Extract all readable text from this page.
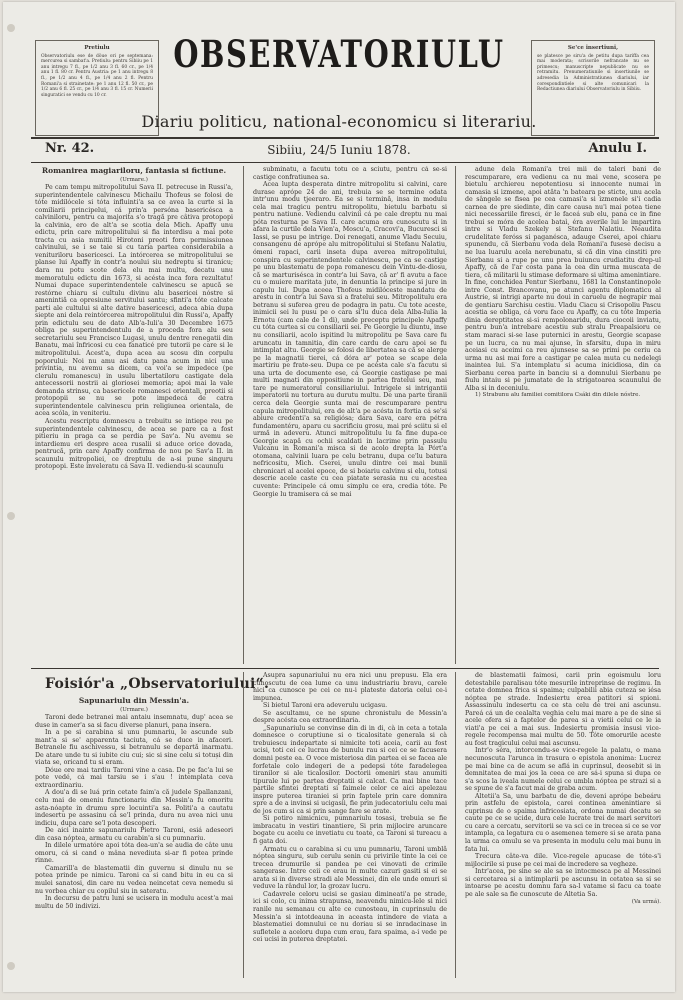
Pretiulu
Observatoriulu ese de döue ori pe septemana: mercurea si sambat'a. Pretiulu: pentru Sibiiu pe 1 anu intregu 7 fl., pe 1/2 anu 3 fl. 60 cr., pe 1/4 anu 1 fl. 80 cr. Pentru Austria: pe 1 anu intregu 8 fl., pe 1/2 anu 4 fl., pe 1/4 anu 2 fl. Pentru Romani'a si strainetate: pe 1 anu 12 fl. 50 cr., pe 1/2 anu 6 fl. 25 cr., pe 1/4 anu 3 fl. 15 cr. Numerii singuratici se vendu cu 10 cr.
Se'ce insertiuni,
se platesce pe siru'a de petitu dupa tariffa cea mai moderata; scrisorile nefrancate nu se primescu; manuscripte nepublicate nu se retramitu. Prenumeratiunile si insertiunile se adresedia la Administratiunea diariului, iar corespondintiele si alte comunicari la Redactiunea diariului Observatoriulu in Sibiiu.
OBSERVATORIULU
Diariu politicu, national-economicu si literariu.
Nr. 42.	Sibiiu, 24/5 Iuniu 1878.	Anulu I.

Romanirea magiariloru, fantasia si fictiune.

(Urmare.)

Pe cam tempu mitropolitului Sava II. petrecuse in Russi'a, superintendentele calvinescu Michailu Thofeus se folosi de tóte midilócele si tóta influinti'a sa ce avea la curte si la comiliarii principelui, cá prin'a persóna basericésca a calviniloru, pentru ca majorita s'o tragă pre câtiva protopopi la calvinia, ero de alt'a se scotia dela Mich. Apaffy unu edictu, prin care mitropolitului si fia interdisu a mai pote tracta cu asia numitii Hirotoni preoti fora permissiunea calvinului, se i se taie si cu taria partea considerabila a venituriloru basericesci. La intórcerea se mitropolitului se planse lui Apaffy in contr'a noului siu nedreptu si tiranicu; dara nu potu scote dela elu mai multu, decatu unu memoratulu edictu din 1673, si acésta inca fora rezultatu! Numai dupace superintendentele calvinescu se apucă se restórne chiaru si cultulu divinu alu basericei nóstre si amenintiă ca opresiune servitului santu; sfinti'a tóte calcate parti ale cultului si alte dative basericesci, adeca abia dupa siepte ani dela reintórcerea mitropolitului din Russi'a, Apaffy prin edictulu seu de dato Alb'a-Iuli'a 30 Decembre 1675 obliga pe superintendentulu de a proceda fora alu seu secretariulu seu Francisco Lugasi, unulu dentre renegatii din Banatu, mai înfricosi cu cea fanaticé pre tutorii pe care si le mitropolitului. Acest'a, dupa acea au scosu din corpulu poporului: Noi nu amu asi datu pana acum in nici una privintia, nu avemu sa dicem, ca voi'a se impedece (pe clerulu romanescu) in usulu libertatiloru castigate dela antecessorii nostrii ai gloriosei memoria; apoi mai la vale demanda strinsu, ca basericele romanesci orientali, preotii si protopopii se nu se pote impedecá de catra superintendentele calvinescu prin religiunea orientala, de acea scóla, in veniteriu.

Acestu rescriptu domnescu a trebuitu se intiepe reu pe superintendentele calvinescu, de acea se pare ca a fost pitieriu in praga ca se perdia pe Sav'a. Nu avemu se intardiemu eri despre acea rusalii si aduce orice dovada, pentrucă, prin care Apaffy confirma de nou pe Sav'a II. in scaunulu mitropoliei, ce dreptulu de a-si pune singuru protopopi. Este inveleratu cá Sava II. vediendu-si scaunulu

subminatu, a facutu totu ce a sciutu, pentru cá se-si castige confratiunea sa.

Acea lupta desperata dintre mitropolitu si calvini, care durase aprópe 24 de ani, trebuia se se termine odata intr'unu modu tjeeraro. Ea se si termină, insa in modulu cela mai tragicu pentru mitropolitu, bietulu barbatu si pentru natiune. Vediendu calvinii cá pe cale dreptu nu mai póta resturna pe Sava II. care acuma era cunoscutu si in afara la curtile dela Vien'a, Moscu'a, Cracovi'a, Bucuresci si Iassi, se pusu pe intrige. Doi renegati, anume Vladu Secuiu, consangenu de aprópe alu mitropolitului si Stefanu Nalatiu, ómeni rapaci, carii inseta dupa averea mitropolitului, conspira cu superintendentele calvinescu, pe ca se castige pe unu blastematu de popa romanescu dein Vintu-de-diosu, că se marturisésca in contr'a lui Sava, că ar' fi avutu a face cu o muiere maritata jute, in denuntia la principe si jure in capulu lui. Dupa aceea Thofeus midilóceste mandatu de arestu in contr'a lui Sava si a fratelui seu. Mitropolitulu era betranu si suferea greu de podagra in patu. Cu tote aceste, inimicii sei lu pusu pe o cara si'lu duca dela Alba-Iulia la Ernotu (cam cale de 1 di), unde preceptu principele Apaffy cu tóta curtea si cu consiliarii sei. Pe Georgie lu diuntu, inse nu consiliarii, acolo ispitind lu mitropolitu pe Sava care fu aruncatu in tamnitia, din care cardu de caru apoi se fu intimplat altu. Georgie se folosi de libertatea sa că se alerge pe la magnatii tierei, cá dóra ar' potea se scape dela martiriu pe frate-seu. Dupa ce pe acésta cale s'a facutu si una urta de documente ese, cá Georgie castigase pe mai multi magnati din oppositiune in partea fratelui seu, mai tare pe numeratorul consiliariului. Intrigele si intrigantii imperatorii nu tortura au durutu multu. De una parte tiranii cerca dela Georgie sunta mai de rescumparare pentru capula mitropolitului, era de alt'a pe acésta in fortia cá se'si abiure credenti'a sa religiósa; dara Sava, care era pétra fundamentéru, aparu cu sacrificiu grosu, mai pré sciitu si el urmă in adeveru. Atunci mitropolitulu lu fa fine dupa-ce Georgie scapă cu ochii scaldati in lacrime prin passulu Vulcanu in Romani'a misca si de acolo drepta la Pórt'a otomana, calvinii luara pe celu betranu, dupa ce'lu batura nefricositu, Mich. Cserei, unulu dintre cei mai bunii chronicari al acelei epoce, de si boiariu calvinu si elu, totusi descrie acele caste cu cea piatate serasia nu cu acestea cuvente: Principele cá omu simplu ce era, credia tóte. Pe Georgie lu tramisera cá se mai

adune dela Romani'a trei mii de taleri bani de rescumparare, era vedienu ca nu mai vene, scosera pe bietulu archiereu nepotentiosu si innocente numai in camasia si izmene, apoi atăta 'n bateara pe sticte, unu acela de sângele se fisea pe cea camasi'a si izmenele si'i cadia carnea de pre siedinte, din care causa nu'i mai potea tiene nici necessariile firesci, ér le faceá sub elu, pana ce in fine trebui se móra de acelea bataì, éra averile lui le impartira intre si Vladu Szekely si Stefanu Nalatiu. Neaudita crudelitate feróss si paganésca, adauge Cserei, apoi chiaru spunendu, că Sierbanu voda dela Romani'a fusese decisu a ne lua luarulu acela nerebunatu, si că din vina cinstiti pre Sierbanu si a rupe pe unu prea buiuncu crudiatitu drep-ul Apaffy, că de l'ar costa pana la cea din urma muscata de tiera, că militarii lu stimase deformare si ultima amenintiare. In fine, conchidea Pentur Sierbanu, 1681 la Constantinopole intre Const. Brancovanu, pe atunci agentu diplomaticu al Austrie, si intrigi aparte nu doui in caruelu de negrapir mai de gentiaru Sarchisu cestiu. Vladu Ciacu si Crisopoliu Pascu acestia se obliga, cá voru face cu Apaffy, ca cu tóte Imperia dinia dereptitatea si-si rempolonaridu, dura ciocoii inviatu, pentru bun'a intrebare acestiu sub stralu Preapalsioru ce stam maraci si-se lase puternici in arestu, Georgie scapase pe un lucru, ca nu mai ajunse, în sfarsitu, dupa in miru aceiasi cu aceimi ca reu ajunsese sa se primi pe ceriu ca urma nu asi mai fore a castigar pe calea muta cu nedelegi inaintea lui. S'a intemplatu si acuma inicidiosa, din ca Sierbanu cerea parte in banciu si a domnului Sierbanu pe fiulu intaiu si pe jumatate de la strigatoarea scaunului de Alba si in deceniulu.

1) Strabunu alu familiei comitilora Csáki din dilele nóstre.

Foisiór'a „Observatoriului“.

Sapunariulu din Messin'a.

(Urmare.)

Taroni dede betranei mai antaiu insemnatu, dup' acea se duse in camer'a sa si facu diverse planuri, pana insera.

In a pe si carabina si unu pumnariu, le ascunde sub mant'a si se' apparenta taciuta, cá se duce in afaceri. Betranele fiu aschivessu, si betranulu se departă inarmatu. De atare unde tu si iubite ciu cui; sic si sine celu si totuși din viata se, oricand tu si eram.

Dóue ore mai tardiu Taroni vine a casa. De pe fac'a lui se pote vedé, cá mai tarsiu se i s'au ! intemplata ceva extraordinariu.

A dou'a di se luá prin cetate faim'a că judele Spallanzani, celu mai de omeniu functionariu din Messin'a fu omoritu asta-nóapte in drumu spre locuinti'a sa. Politi'a a cautatu indesertu pe assasinu cá se'l prinda, dura nu avea nici unu indiciu, dupa care se'l pota descoperi.

De aici inainte sapunariulu Pietro Taroni, esiá adeseori din casa nóptea, armatu cu carabin'a si cu pumnariu.

In dilele urmatóre apoi tóta dea-un'a se audia de câte unu omoru, cá si cand o mâna nevediuta si-ar fi potea prinde rinne.

Camarill'a de blastematii din guvernu si dinulu nu se potea prinde pe nimicu. Taroni ca si cand bitu in eu ca si mulei sanatosi, din care nu vedea neincetat ceva nemedu si nu vorbea chiar cu copilul siu in sateratu.

In decursu de patru luni se ucisera in modulu acest'a mai multu de 50 indivizi.

Asupra sapunariului nu era nici unu prepusu. Ela era cunoscutu de cea lume ca unu industriariu bravu, carele nici ca cunosce pe cei ce nu-i plateste datoria celui ce-i impunea.

Si bietul Taroni era adeverulu ucigasu.

Se ascultamu, ce ne spune chronistulu de Messin'a despre acésta cea extraordinaria.

„Sapunariulu se convinse din di in di, cà in ceta a totala domnesce o coruptiune si o ticalositate generala si cà trebuiescu indepartate si nimicite toti aceia, carii au fost ucisi, toti cei ce lucrau de bunulu rau si cei ce se facusera domni peste ea. O voce misteriosa din partea ei se facea ale forfetale colo indegeri de a pedepsi tóte faradelegea tiranilor si ale ticalosilor. Doctorii omeniri stau anumiti tipurale lui pe partea dreptatii si calcat. Ca mai bine tace partile sfintei dreptati si faimele celor ce aici apelezau inspre puterea tiraniei si prin faptele prin care domnira spre a de a invinsi si ucigasii, fie prin judecatoriulu celu mai de jos cum si ca si prin sange fare se arate.

Si potiro nimicnicu, pumnariulu tosasi, trebuia se fie imbracatu in vestiri tinantiere, Si prin mijlocire aruncare bogate cu acelu ce invetiatu cu toate, ca Taroni si tureacu a fi gata doi.

Armatu cu o carabina si cu unu pumnariu, Taroni umblă nóptea singuru, sub cerulu senin cu privirile tinte la cei ce trecea drumurile si pandea pe cei vinovati de crimile sangerase. Intre ceii ce erau in multe cazuri gasiti si ei se arata si in diverse stradi ale Messinei, din ele unde omuri si veduve la rândul lor, la grozav lucru.

Cadavrele celoru ucisi se gasiau dimineati'a pe strade, ici si colo, cu inima strapunsa, neavendu nimicu-lele si nici ranile nu semanau cu alte ce cunosteau, in cuprinsulu de Messin'a si intotdeauna in aceasta intindere de viata a blastematiei domnului ce nu doriau si se inradacinase in sufletele a aceloru dupa cum erau, fara spaima, a-i vede pe cei ucisi in puterea dreptatei.

de blastematii faimosi, carii prin egoismulu loru detestabile paralisau tóte mesurile intreprinse de regimu. In cetate domnea frica si spaima; culpabilii abia cuteza se iésa nóptea pe strade. Indesiertu erea patitori si spioni. Assassinulu indesertu ca ce sta celu de trei ani ascunsu. Pareá cá un de cealalta veghia celu mai mare a pe de sine si acele ofera si a faptelor de parea si a vietii celui ce le ia viati'a pe cei a mai sus. Indesiertu promisia insusi vice-regele recompensa mai multu de 50. Tóte omorurile aceste au fost tragicului celui mai ascunsu.

Intr'o séra, intorcendu-se vice-regele la palatu, o mana necunoscuta l'arunca in trasura o epistola anonima: Lucrez pe mai bine ca de acum se aflá in cuprinsul, deosebit si in demnitatea de mai jos la ceea ce are sá-i spuna si dupa ce s'a scos la iveala numele celui ce umbla nóptea pe strazi si a se spune de s'a facut mai de graba acum.

Altetii'a Sa, unu barbatu de die, deveni aprópe bebeáru prin astfelu de epistola, carei continea amenintiare si cuprinsu de o spaima infricosiata, ordona numai decatu se caute pe ce se ucide, dura cele lucrate trei de mari servitori cu care a cercatu, servitorii se va sci ce in trecea si ce se vor intampla, ca legatura cu o asemenea temere si se arata pana la urma ca omulu se va presenta in modulu celu mai bunu in fata lui.

Trecura câte-va dile. Vice-regele apucase de tóte-s'i mijlocirile si puse pe cei mai de incredere sa vegheze.

Intr'acea, pe sine se ale sa se intocmesca pe al Messinei si cercetarea si a intimplarii pe ascunsu in cetatea sa si se intoarse pe acestu domnu fara sa-l vatame si facu ca toate pe ale sale sa fie cunoscute de Altetia Sa.

(Va urmá).
